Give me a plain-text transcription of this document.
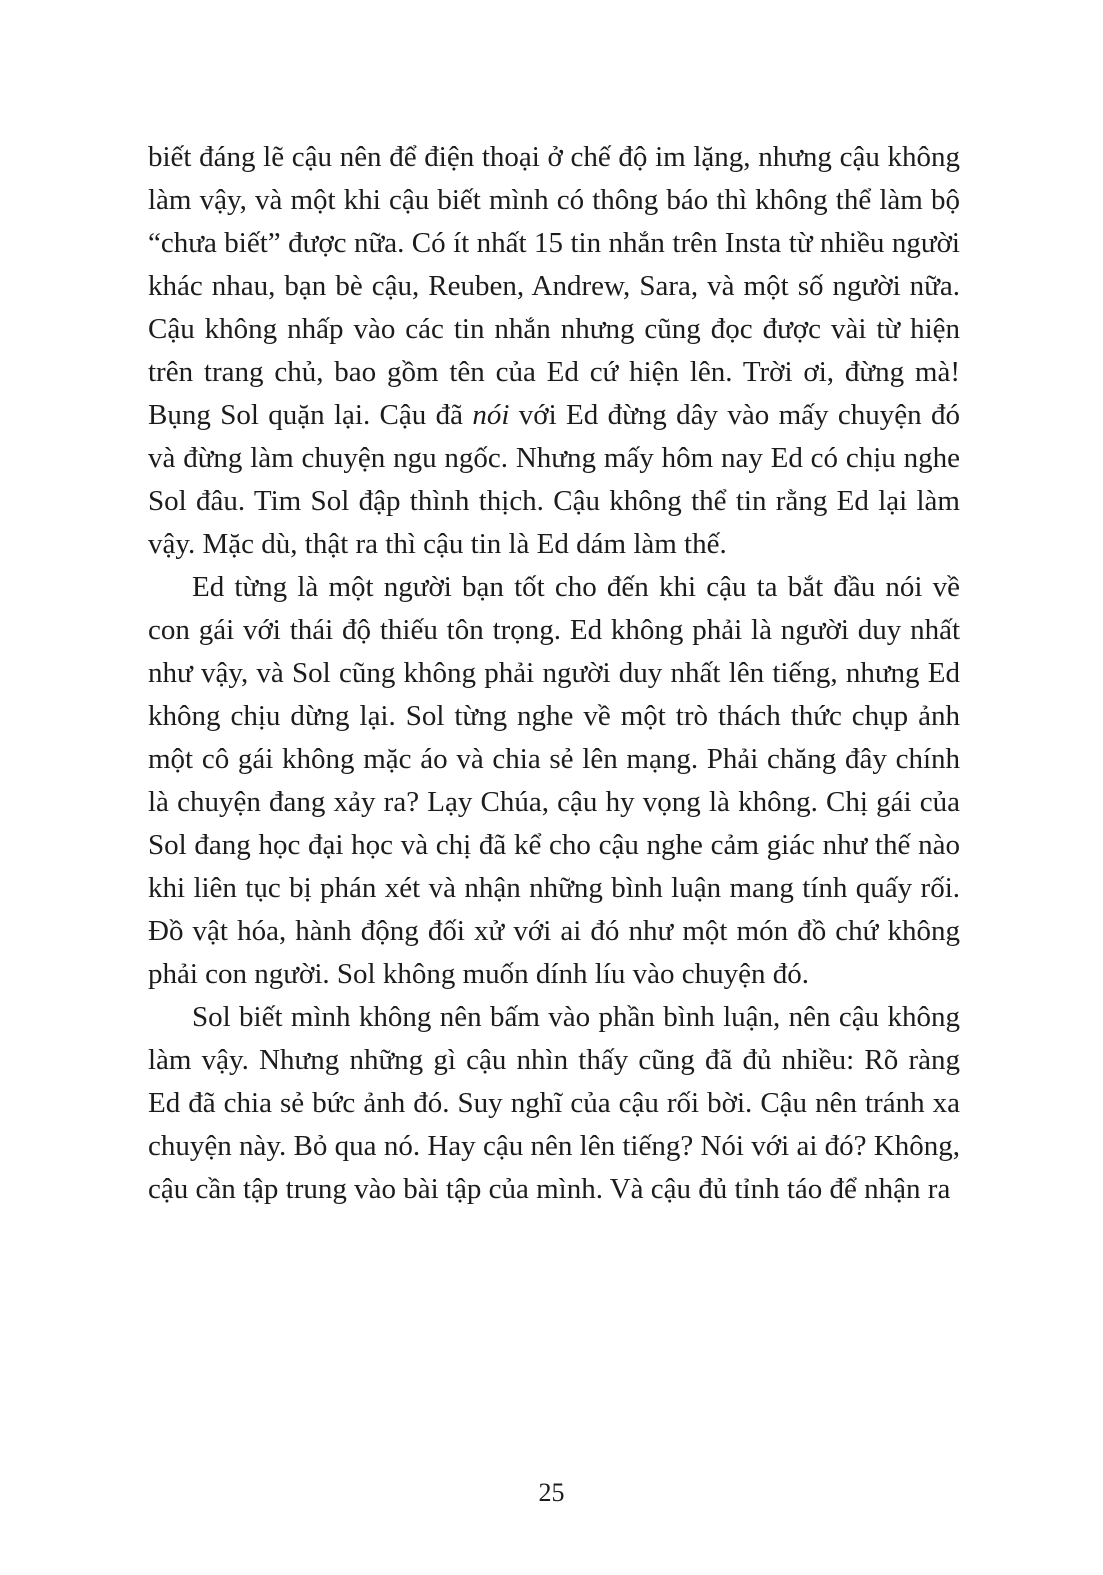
biết đáng lẽ cậu nên để điện thoại ở chế độ im lặng, nhưng cậu không làm vậy, và một khi cậu biết mình có thông báo thì không thể làm bộ “chưa biết” được nữa. Có ít nhất 15 tin nhắn trên Insta từ nhiều người khác nhau, bạn bè cậu, Reuben, Andrew, Sara, và một số người nữa. Cậu không nhấp vào các tin nhắn nhưng cũng đọc được vài từ hiện trên trang chủ, bao gồm tên của Ed cứ hiện lên. Trời ơi, đừng mà! Bụng Sol quặn lại. Cậu đã nói với Ed đừng dây vào mấy chuyện đó và đừng làm chuyện ngu ngốc. Nhưng mấy hôm nay Ed có chịu nghe Sol đâu. Tim Sol đập thình thịch. Cậu không thể tin rằng Ed lại làm vậy. Mặc dù, thật ra thì cậu tin là Ed dám làm thế.

Ed từng là một người bạn tốt cho đến khi cậu ta bắt đầu nói về con gái với thái độ thiếu tôn trọng. Ed không phải là người duy nhất như vậy, và Sol cũng không phải người duy nhất lên tiếng, nhưng Ed không chịu dừng lại. Sol từng nghe về một trò thách thức chụp ảnh một cô gái không mặc áo và chia sẻ lên mạng. Phải chăng đây chính là chuyện đang xảy ra? Lạy Chúa, cậu hy vọng là không. Chị gái của Sol đang học đại học và chị đã kể cho cậu nghe cảm giác như thế nào khi liên tục bị phán xét và nhận những bình luận mang tính quấy rối. Đồ vật hóa, hành động đối xử với ai đó như một món đồ chứ không phải con người. Sol không muốn dính líu vào chuyện đó.

Sol biết mình không nên bấm vào phần bình luận, nên cậu không làm vậy. Nhưng những gì cậu nhìn thấy cũng đã đủ nhiều: Rõ ràng Ed đã chia sẻ bức ảnh đó. Suy nghĩ của cậu rối bời. Cậu nên tránh xa chuyện này. Bỏ qua nó. Hay cậu nên lên tiếng? Nói với ai đó? Không, cậu cần tập trung vào bài tập của mình. Và cậu đủ tỉnh táo để nhận ra

25
